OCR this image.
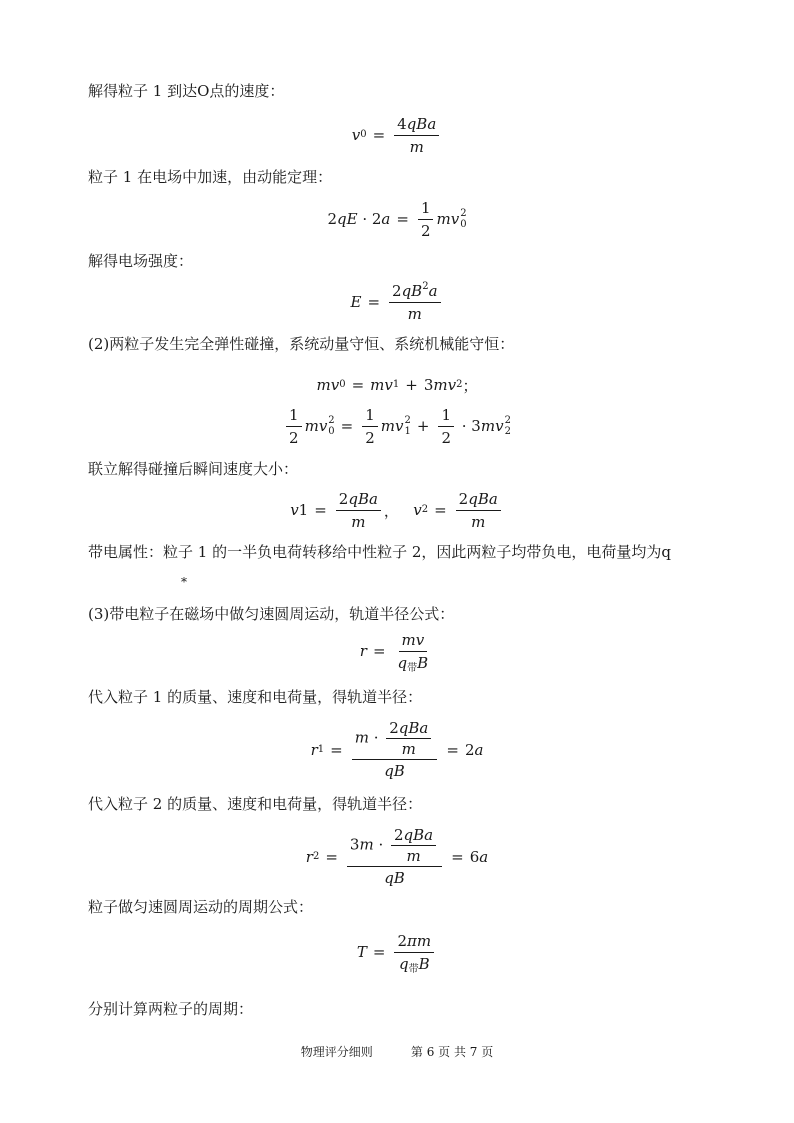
解得粒子 1 到达O点的速度：
v $0 = \frac{\text{4qBa}}{m}$
粒子 1 在电场中加速，由动能定理：
2 qE · 2 $a = \frac{1}{2}$ mv 2
0
解得电场强度：
$E = \frac{2qB^2a}{m}$
(2)两粒子发生完全弹性碰撞，系统动量守恒、系统机械能守恒：
mv 0 = mv 1 + 3 mv 2 ；
$\frac{1}{2}$ mv 2
$0 = \frac{1}{2}$ mv 2
$1 + \frac{1}{2} \cdot 3$ mv 2
2
联立解得碰撞后瞬间速度大小：
v $1 = \frac{\text{2qBa}}{m}$ ， v $2 = \frac{\text{2qBa}}{m}$
带电属性：粒子 1 的一半负电荷转移给中性粒子 2，因此两粒子均带负电，电荷量均为q
*
(3)带电粒子在磁场中做匀速圆周运动，轨道半径公式：
$r = \frac{mv}{q_带B}$
代入粒子 1 的质量、速度和电荷量，得轨道半径：
r $1 = \frac{m \cdot \frac{\text{2qBa}}{m}}{qB} = 2$ a
代入粒子 2 的质量、速度和电荷量，得轨道半径：
r $2 = \frac{3m \cdot \frac{\text{2qBa}}{m}}{qB} = 6$ a
粒子做匀速圆周运动的周期公式：
$T = \frac{2\pi m}{q_带B}$
分别计算两粒子的周期：
物理评分细则          第 6 页 共 7 页
